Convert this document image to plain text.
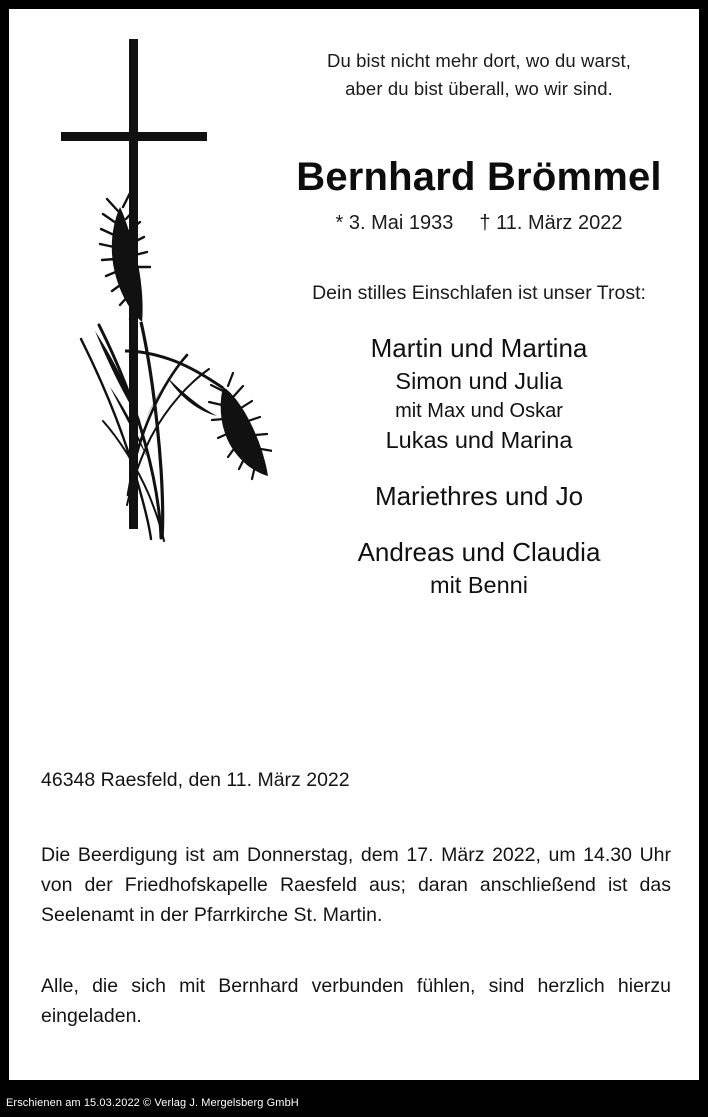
Du bist nicht mehr dort, wo du warst,
aber du bist überall, wo wir sind.
Bernhard Brömmel
* 3. Mai 1933 † 11. März 2022
Dein stilles Einschlafen ist unser Trost:
Martin und Martina
Simon und Julia
mit Max und Oskar
Lukas und Marina
Mariethres und Jo
Andreas und Claudia
mit Benni
46348 Raesfeld, den 11. März 2022
Die Beerdigung ist am Donnerstag, dem 17. März 2022, um 14.30 Uhr von der Friedhofskapelle Raesfeld aus; daran anschließend ist das Seelenamt in der Pfarrkirche St. Martin.
Alle, die sich mit Bernhard verbunden fühlen, sind herzlich hierzu eingeladen.
Erschienen am 15.03.2022 © Verlag J. Mergelsberg GmbH
